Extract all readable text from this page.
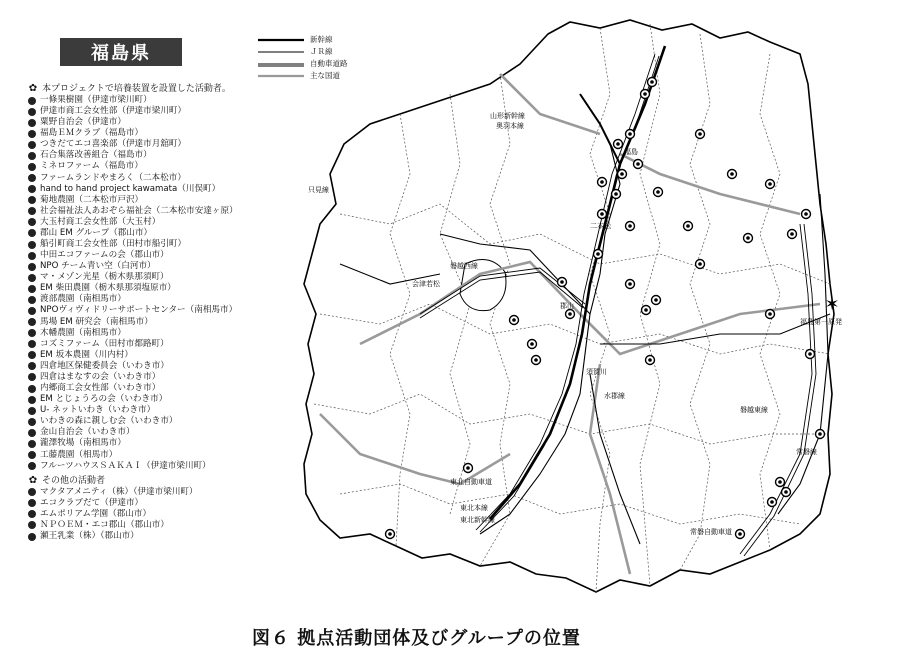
福島県
新幹線
ＪＲ線
自動車道路
主な国道
✿ 本プロジェクトで培養装置を設置した活動者。
一條果樹園（伊達市梁川町）
伊達市商工会女性部（伊達市梁川町）
粟野自治会（伊達市）
福島ＥＭクラブ（福島市）
つきだてエコ喜楽部（伊達市月舘町）
石合集落改善組合（福島市）
ミネロファーム（福島市）
ファームランドやまろく（二本松市）
hand to hand project kawamata（川俣町）
菊地農園（二本松市戸沢）
社会福祉法人あおぞら福祉会（二本松市安達ヶ原）
大玉村商工会女性部（大玉村）
郡山 EM グループ（郡山市）
船引町商工会女性部（田村市船引町）
中田エコファームの会（郡山市）
NPO チーム青い空（白河市）
マ・メゾン光星（栃木県那須町）
EM 柴田農園（栃木県那須塩原市）
渡部農園（南相馬市）
NPOヴィヴィドリーサポートセンター（南相馬市）
馬場 EM 研究会（南相馬市）
木幡農園（南相馬市）
コズミファーム（田村市都路町）
EM 坂本農園（川内村）
四倉地区保健委員会（いわき市）
四倉はまなすの会（いわき市）
内郷商工会女性部（いわき市）
EM とじょうろの会（いわき市）
U- ネットいわき（いわき市）
いわきの森に親しむ会（いわき市）
金山自治会（いわき市）
瀧澤牧場（南相馬市）
工藤農園（相馬市）
フルーツハウスＳＡＫＡＩ（伊達市梁川町）
✿ その他の活動者
マクタアメニティ（株）（伊達市梁川町）
エコクラブだて（伊達市）
エムポリアム学園（郡山市）
ＮＰＯＥＭ・エコ郡山（郡山市）
瀬王乳業（株）（郡山市）
✶
福島
郡山
会津若松
須賀川
福島第一原発
山形新幹線
奥羽本線
東北自動車道
東北本線
東北新幹線
常磐自動車道
常磐線
磐越西線
磐越東線
水郡線
二本松
只見線
図６ 拠点活動団体及びグループの位置
